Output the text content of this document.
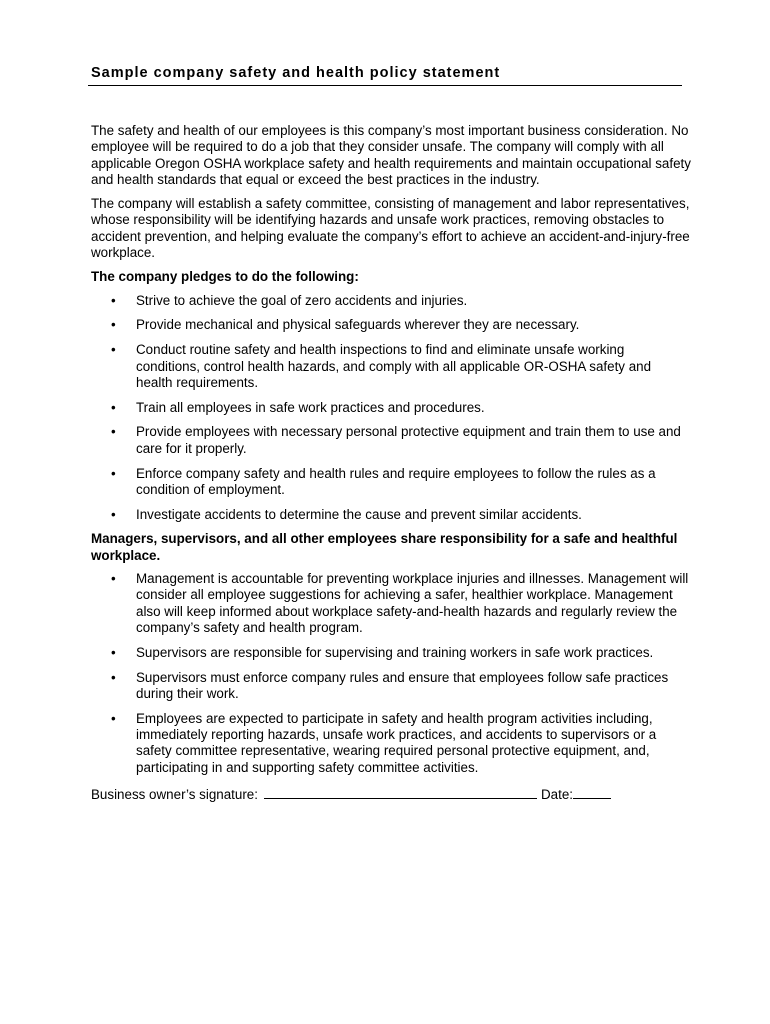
Sample company safety and health policy statement

The safety and health of our employees is this company’s most important business consideration. No employee will be required to do a job that they consider unsafe. The company will comply with all applicable Oregon OSHA workplace safety and health requirements and maintain occupational safety and health standards that equal or exceed the best practices in the industry.

The company will establish a safety committee, consisting of management and labor representatives, whose responsibility will be identifying hazards and unsafe work practices, removing obstacles to accident prevention, and helping evaluate the company’s effort to achieve an accident-and-injury-free workplace.

The company pledges to do the following:
• Strive to achieve the goal of zero accidents and injuries.
• Provide mechanical and physical safeguards wherever they are necessary.
• Conduct routine safety and health inspections to find and eliminate unsafe working conditions, control health hazards, and comply with all applicable OR-OSHA safety and health requirements.
• Train all employees in safe work practices and procedures.
• Provide employees with necessary personal protective equipment and train them to use and care for it properly.
• Enforce company safety and health rules and require employees to follow the rules as a condition of employment.
• Investigate accidents to determine the cause and prevent similar accidents.
Managers, supervisors, and all other employees share responsibility for a safe and healthful workplace.
• Management is accountable for preventing workplace injuries and illnesses. Management will consider all employee suggestions for achieving a safer, healthier workplace. Management also will keep informed about workplace safety-and-health hazards and regularly review the company’s safety and health program.
• Supervisors are responsible for supervising and training workers in safe work practices.
• Supervisors must enforce company rules and ensure that employees follow safe practices during their work.
• Employees are expected to participate in safety and health program activities including, immediately reporting hazards, unsafe work practices, and accidents to supervisors or a safety committee representative, wearing required personal protective equipment, and, participating in and supporting safety committee activities.
Business owner’s signature:	Date:
